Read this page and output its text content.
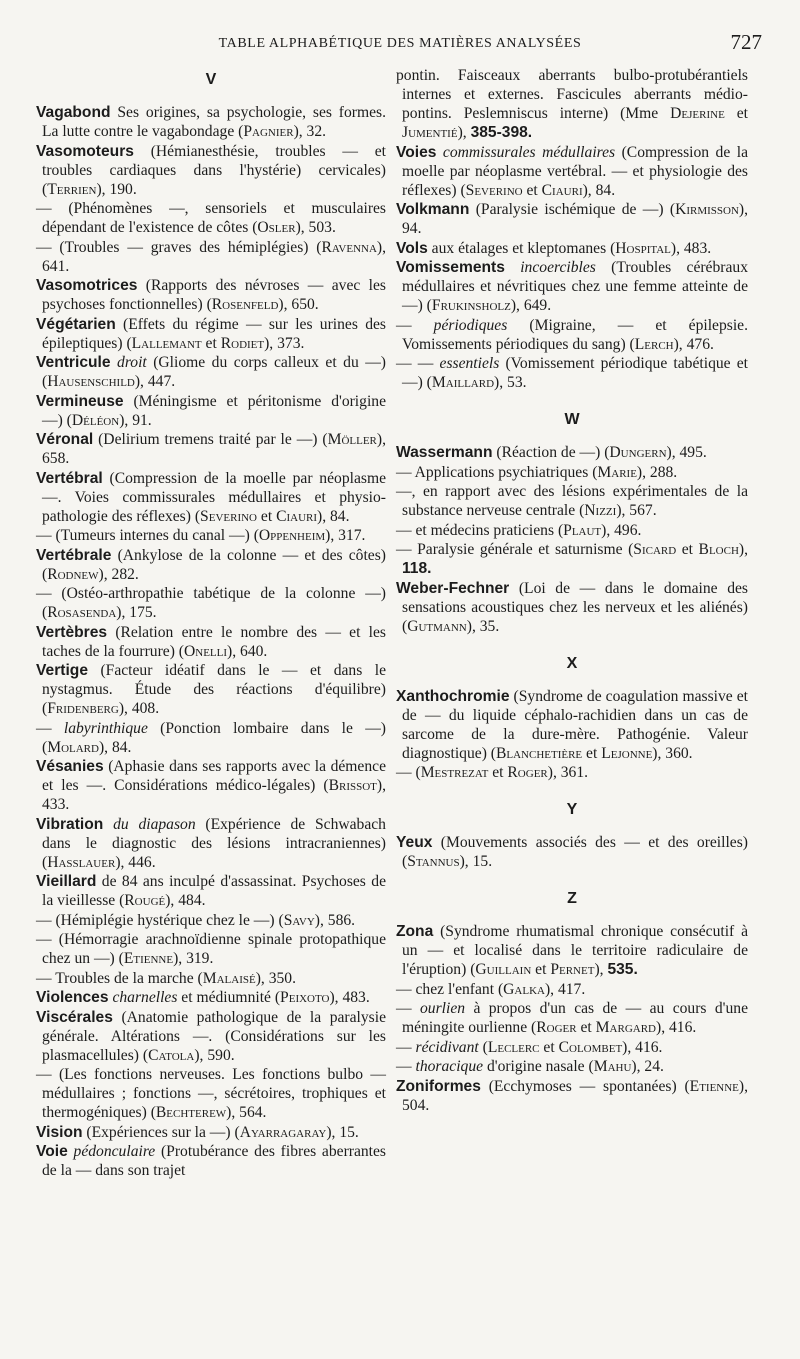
TABLE ALPHABÉTIQUE DES MATIÈRES ANALYSÉES	727
V
Vagabond Ses origines, sa psychologie, ses formes. La lutte contre le vagabondage (Pagnier), 32.
Vasomoteurs (Hémianesthésie, troubles — et troubles cardiaques dans l'hystérie) cervicales) (Terrien), 190.
— (Phénomènes —, sensoriels et musculaires dépendant de l'existence de côtes (Osler), 503.
— (Troubles — graves des hémiplégies) (Ravenna), 641.
Vasomotrices (Rapports des névroses — avec les psychoses fonctionnelles) (Rosenfeld), 650.
Végétarien (Effets du régime — sur les urines des épileptiques) (Lallemant et Rodiet), 373.
Ventricule droit (Gliome du corps calleux et du —) (Hausenschild), 447.
Vermineuse (Méningisme et péritonisme d'origine —) (Déléon), 91.
Véronal (Delirium tremens traité par le —) (Möller), 658.
Vertébral (Compression de la moelle par néoplasme —. Voies commissurales médullaires et physio-pathologie des réflexes) (Severino et Ciauri), 84.
— (Tumeurs internes du canal —) (Oppenheim), 317.
Vertébrale (Ankylose de la colonne — et des côtes) (Rodnew), 282.
— (Ostéo-arthropathie tabétique de la colonne —) (Rosasenda), 175.
Vertèbres (Relation entre le nombre des — et les taches de la fourrure) (Onelli), 640.
Vertige (Facteur idéatif dans le — et dans le nystagmus. Étude des réactions d'équilibre) (Fridenberg), 408.
— labyrinthique (Ponction lombaire dans le —) (Molard), 84.
Vésanies (Aphasie dans ses rapports avec la démence et les —. Considérations médico-légales) (Brissot), 433.
Vibration du diapason (Expérience de Schwabach dans le diagnostic des lésions intracraniennes) (Hasslauer), 446.
Vieillard de 84 ans inculpé d'assassinat. Psychoses de la vieillesse (Rougé), 484.
— (Hémiplégie hystérique chez le —) (Savy), 586.
— (Hémorragie arachnoïdienne spinale protopathique chez un —) (Etienne), 319.
— Troubles de la marche (Malaisé), 350.
Violences charnelles et médiumnité (Peixoto), 483.
Viscérales (Anatomie pathologique de la paralysie générale. Altérations —. (Considérations sur les plasmacellules) (Catola), 590.
— (Les fonctions nerveuses. Les fonctions bulbo — médullaires ; fonctions —, sécrétoires, trophiques et thermogéniques) (Bechterew), 564.
Vision (Expériences sur la —) (Ayarragaray), 15.
Voie pédonculaire (Protubérance des fibres aberrantes de la — dans son trajet
pontin. Faisceaux aberrants bulbo-protubérantiels internes et externes. Fascicules aberrants médio-pontins. Peslemniscus interne) (Mme Dejerine et Jumentié), 385-398.
Voies commissurales médullaires (Compression de la moelle par néoplasme vertébral. — et physiologie des réflexes) (Severino et Ciauri), 84.
Volkmann (Paralysie ischémique de —) (Kirmisson), 94.
Vols aux étalages et kleptomanes (Hospital), 483.
Vomissements incoercibles (Troubles cérébraux médullaires et névritiques chez une femme atteinte de —) (Frukinsholz), 649.
— périodiques (Migraine, — et épilepsie. Vomissements périodiques du sang) (Lerch), 476.
— — essentiels (Vomissement périodique tabétique et —) (Maillard), 53.
W
Wassermann (Réaction de —) (Dungern), 495.
— Applications psychiatriques (Marie), 288.
—, en rapport avec des lésions expérimentales de la substance nerveuse centrale (Nizzi), 567.
— et médecins praticiens (Plaut), 496.
— Paralysie générale et saturnisme (Sicard et Bloch), 118.
Weber-Fechner (Loi de — dans le domaine des sensations acoustiques chez les nerveux et les aliénés) (Gutmann), 35.
X
Xanthochromie (Syndrome de coagulation massive et de — du liquide céphalo-rachidien dans un cas de sarcome de la dure-mère. Pathogénie. Valeur diagnostique) (Blanchetière et Lejonne), 360.
— (Mestrezat et Roger), 361.
Y
Yeux (Mouvements associés des — et des oreilles) (Stannus), 15.
Z
Zona (Syndrome rhumatismal chronique consécutif à un — et localisé dans le territoire radiculaire de l'éruption) (Guillain et Pernet), 535.
— chez l'enfant (Galka), 417.
— ourlien à propos d'un cas de — au cours d'une méningite ourlienne (Roger et Margard), 416.
— récidivant (Leclerc et Colombet), 416.
— thoracique d'origine nasale (Mahu), 24.
Zoniformes (Ecchymoses — spontanées) (Etienne), 504.
